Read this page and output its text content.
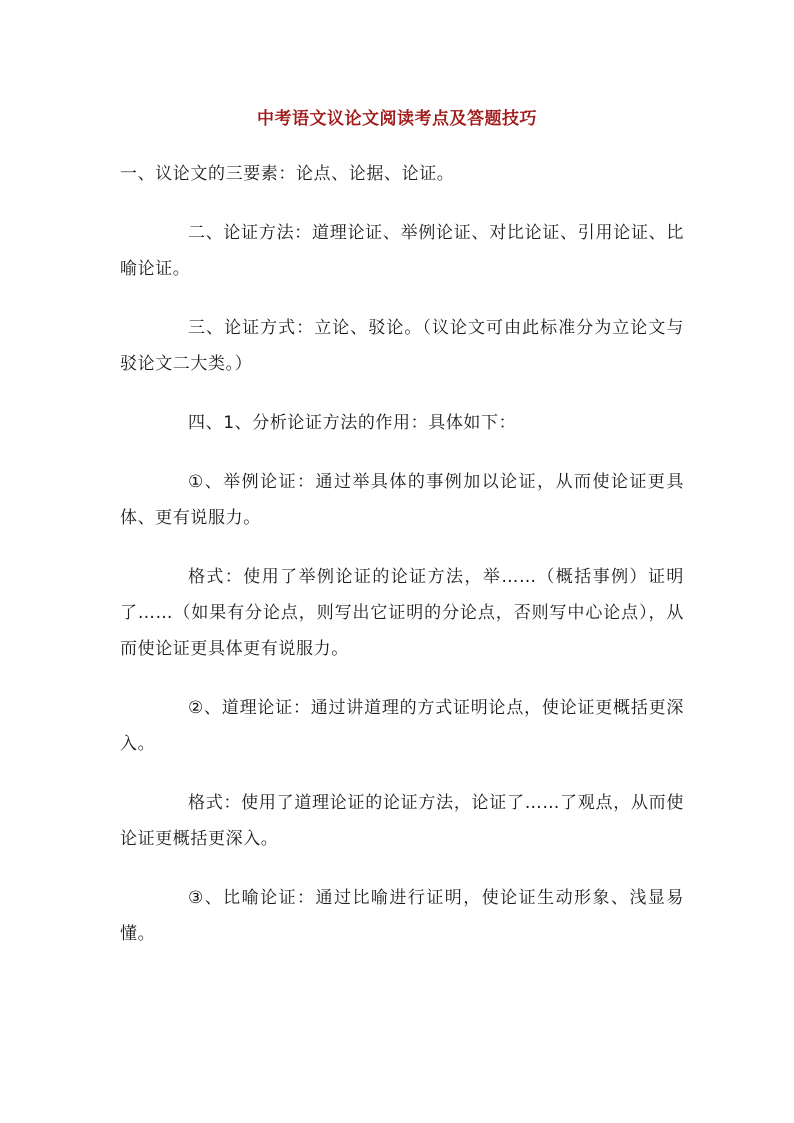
中考语文议论文阅读考点及答题技巧

一、议论文的三要素：论点、论据、论证。

二、论证方法：道理论证、举例论证、对比论证、引用论证、比喻论证。

三、论证方式：立论、驳论。（议论文可由此标准分为立论文与驳论文二大类。）

四、1、分析论证方法的作用：具体如下：

①、举例论证：通过举具体的事例加以论证，从而使论证更具体、更有说服力。

格式：使用了举例论证的论证方法，举……（概括事例）证明了……（如果有分论点，则写出它证明的分论点，否则写中心论点），从而使论证更具体更有说服力。

②、道理论证：通过讲道理的方式证明论点，使论证更概括更深入。

格式：使用了道理论证的论证方法，论证了……了观点，从而使论证更概括更深入。

③、比喻论证：通过比喻进行证明，使论证生动形象、浅显易懂。
